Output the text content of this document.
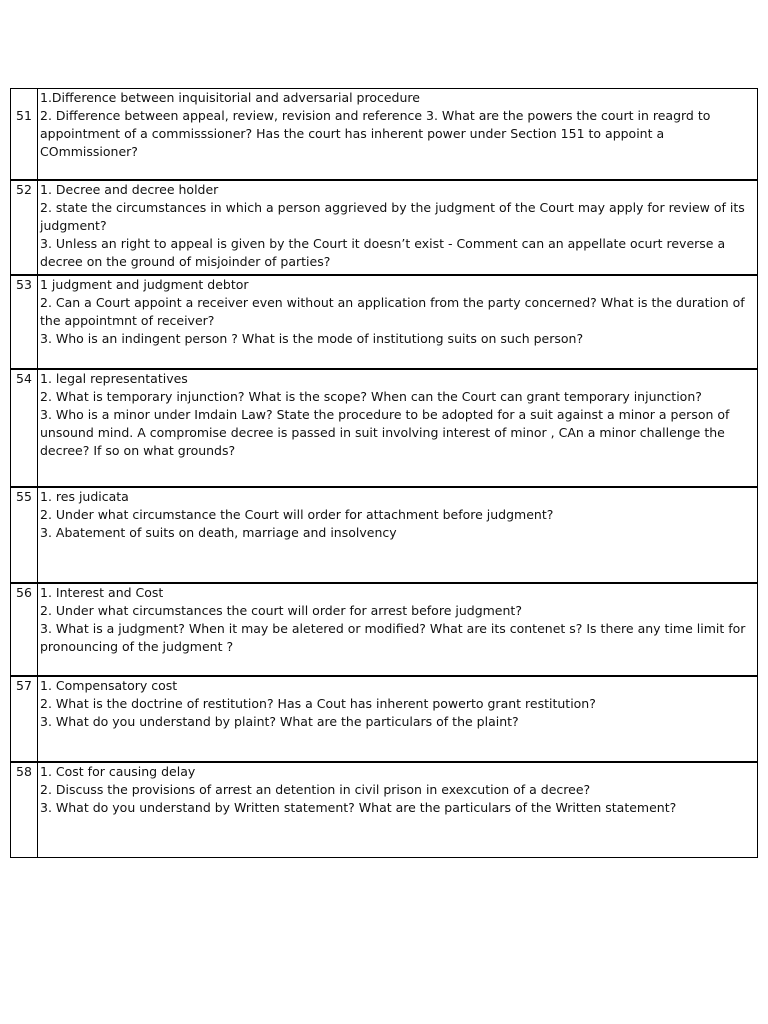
51
1.Difference between inquisitorial and adversarial procedure
2. Difference between appeal, review, revision and reference 3. What are the powers the court in reagrd to appointment of a commisssioner? Has the court has inherent power under Section 151 to appoint a COmmissioner?
52 1. Decree and decree holder
2. state the circumstances in which a person aggrieved by the judgment of the Court may apply for review of its judgment?
3. Unless an right to appeal is given by the Court it doesn’t exist - Comment can an appellate ocurt reverse a decree on the ground of misjoinder of parties?
53 1 judgment and judgment debtor
2. Can a Court appoint a receiver even without an application from the party concerned? What is the duration of the appointmnt of receiver?
3. Who is an indingent person ? What is the mode of institutiong suits on such person?
54 1. legal representatives
2. What is temporary injunction? What is the scope? When can the Court can grant temporary injunction?
3. Who is a minor under Imdain Law? State the procedure to be adopted for a suit against a minor a person of unsound mind. A compromise decree is passed in suit involving interest of minor , CAn a minor challenge the decree? If so on what grounds?
55 1. res judicata
2. Under what circumstance the Court will order for attachment before judgment?
3. Abatement of suits on death, marriage and insolvency
56 1. Interest and Cost
2. Under what circumstances the court will order for arrest before judgment?
3. What is a judgment? When it may be aletered or modified? What are its contenet s? Is there any time limit for pronouncing of the judgment ?
57 1. Compensatory cost
2. What is the doctrine of restitution? Has a Cout has inherent powerto grant restitution?
3. What do you understand by plaint? What are the particulars of the plaint?
58 1. Cost for causing delay
2. Discuss the provisions of arrest an detention in civil prison in exexcution of a decree?
3. What do you understand by Written statement? What are the particulars of the Written statement?
